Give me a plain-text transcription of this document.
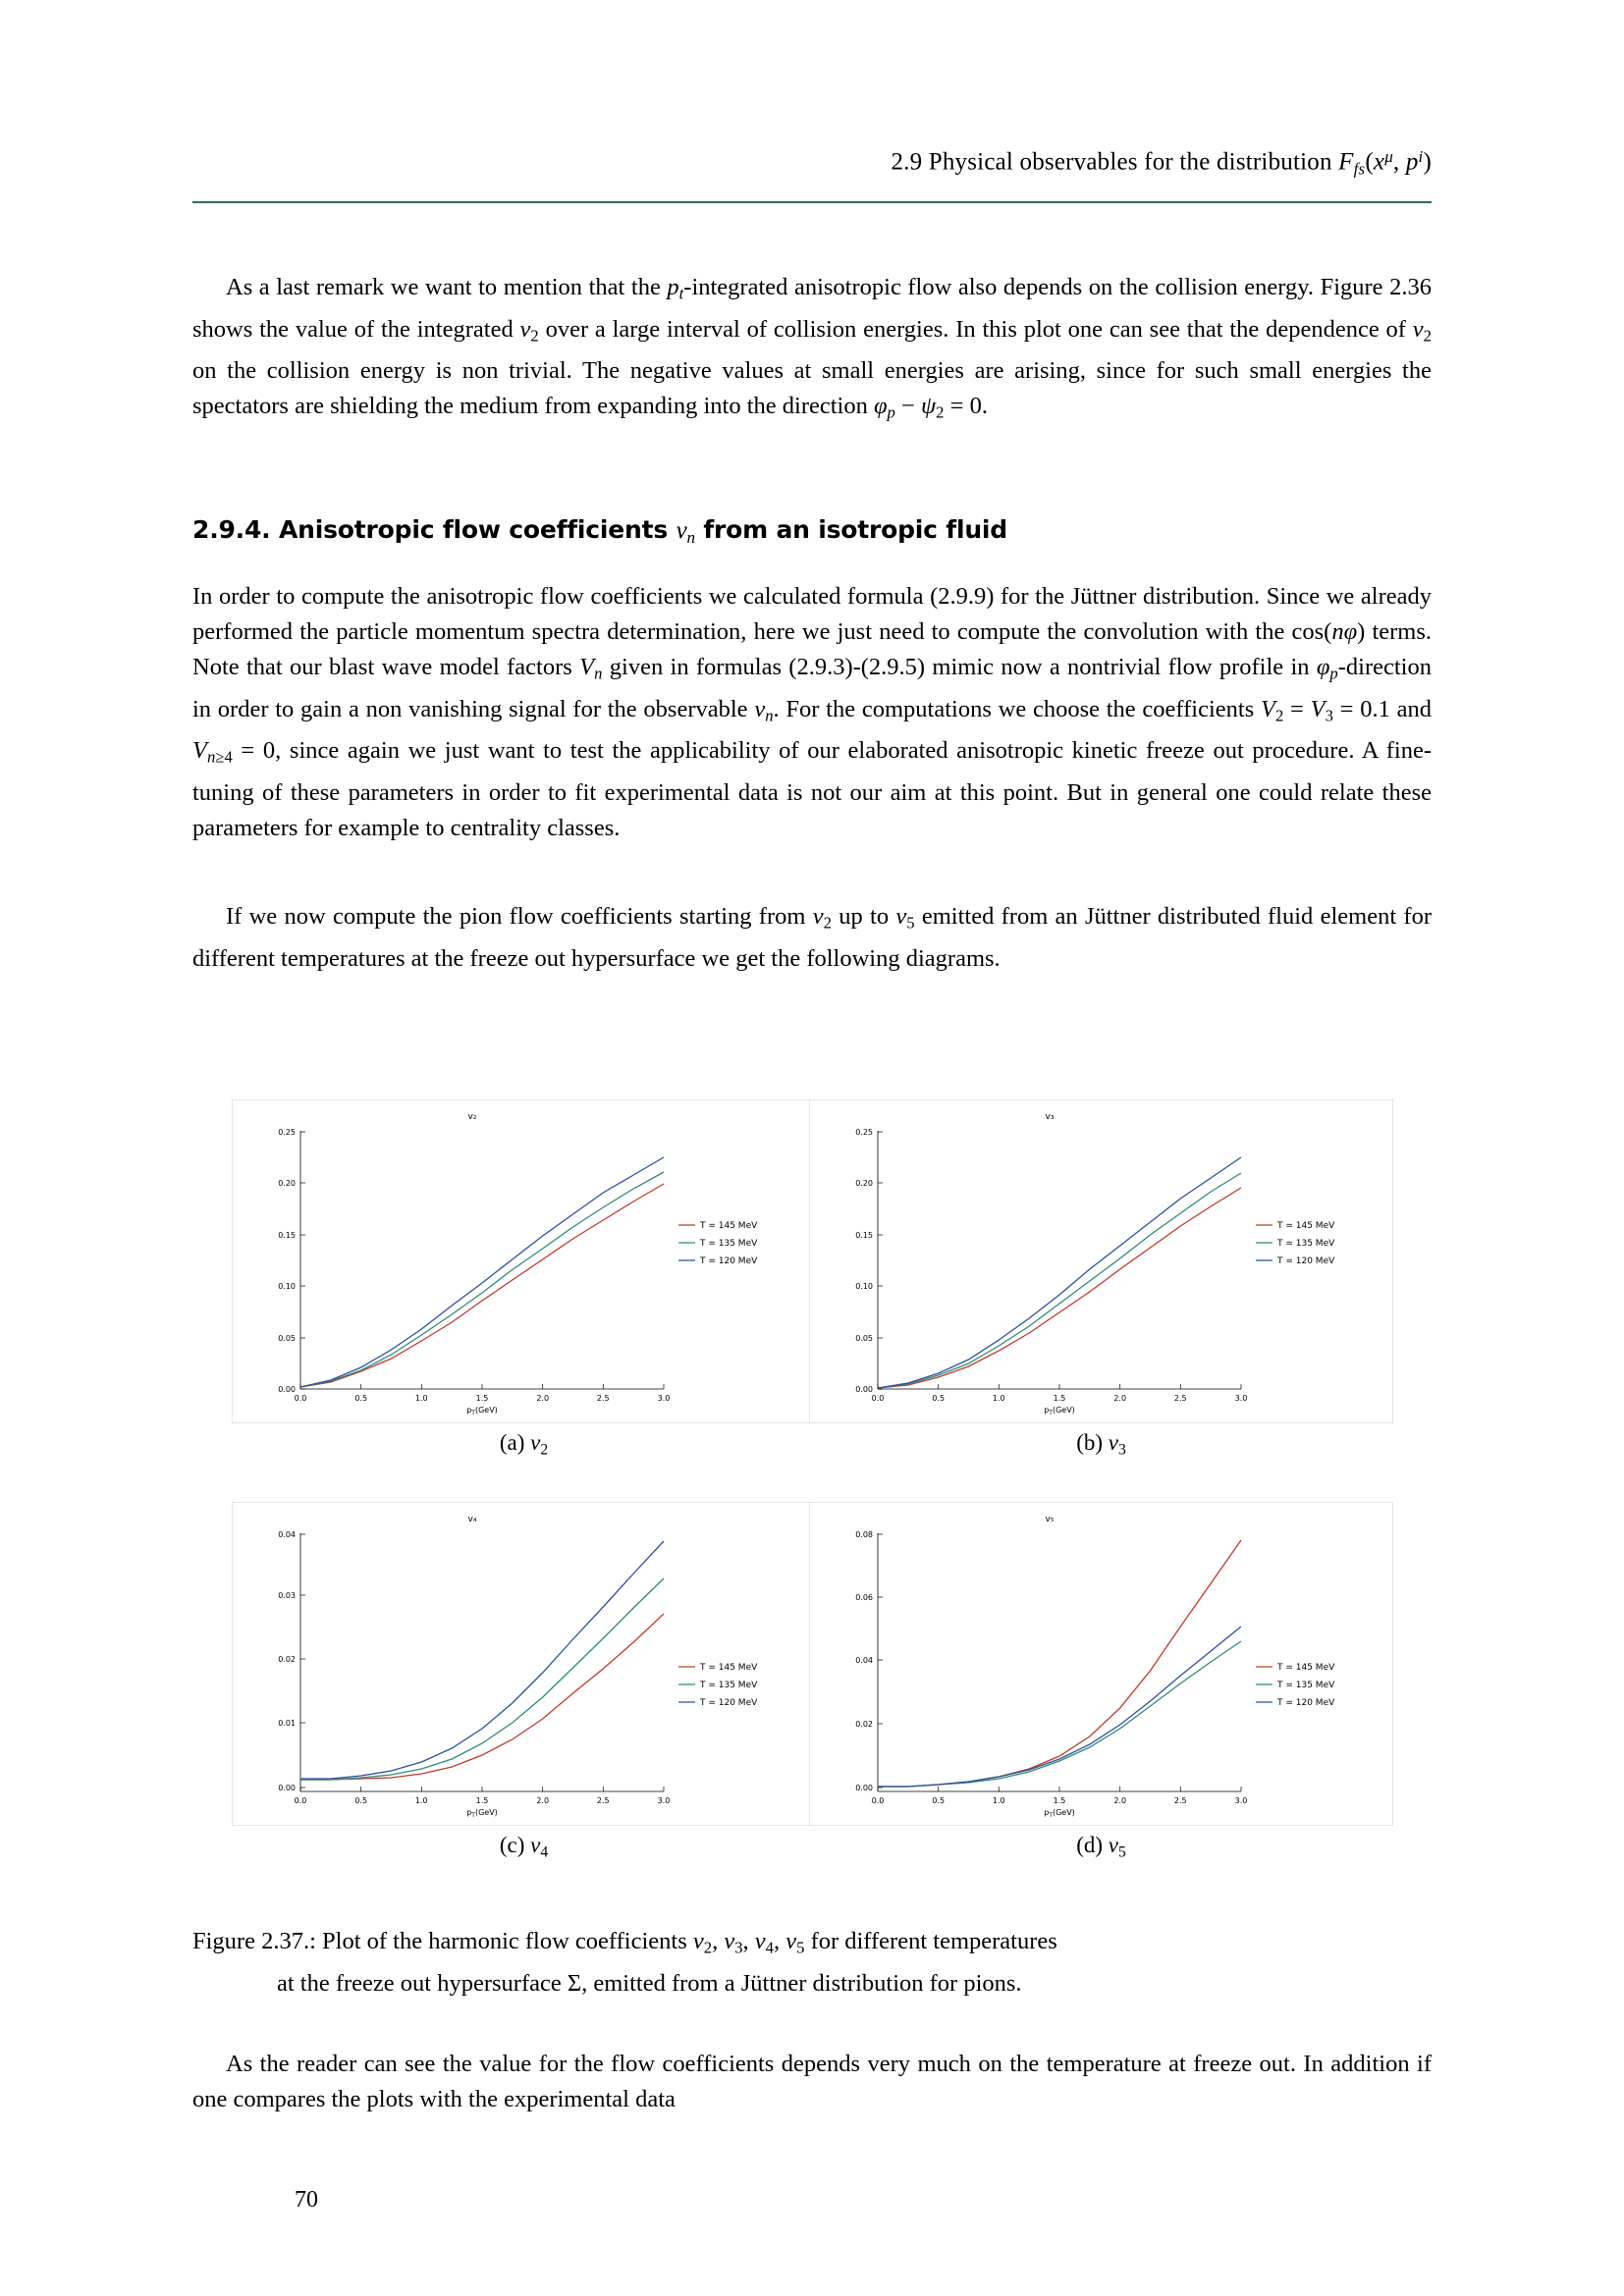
2.9 Physical observables for the distribution $F_{fs}(x^\mu$, $p^i$)
As a last remark we want to mention that the $p_t$-integrated anisotropic flow also depends on the collision energy. Figure 2.36 shows the value of the integrated $v_2$ over a large interval of collision energies. In this plot one can see that the dependence of $v_2$ on the collision energy is non trivial. The negative values at small energies are arising, since for such small energies the spectators are shielding the medium from expanding into the direction $\varphi_p - \psi_2 = 0$.
2.9.4. Anisotropic flow coefficients $v_n$ from an isotropic fluid
In order to compute the anisotropic flow coefficients we calculated formula (2.9.9) for the Jüttner distribution. Since we already performed the particle momentum spectra determination, here we just need to compute the convolution with the cos(nφ) terms. Note that our blast wave model factors $V_n$ given in formulas (2.9.3)-(2.9.5) mimic now a nontrivial flow profile in $\varphi_p$-direction in order to gain a non vanishing signal for the observable $v_n$. For the computations we choose the coefficients $V_2 = V_3 = 0.1$ and $V_{n\ge 4} = 0$, since again we just want to test the applicability of our elaborated anisotropic kinetic freeze out procedure. A fine-tuning of these parameters in order to fit experimental data is not our aim at this point. But in general one could relate these parameters for example to centrality classes.
If we now compute the pion flow coefficients starting from $v_2$ up to $v_5$ emitted from an Jüttner distributed fluid element for different temperatures at the freeze out hypersurface we get the following diagrams.
v₂
0.00
0.05
0.10
0.15
0.20
0.25
0.0	0.5	1.0	1.5	2.0	2.5	3.0
$p_T(GeV)$
T = 145 MeV
T = 135 MeV
T = 120 MeV
(a) $v_2$
v₃
0.00
0.05
0.10
0.15
0.20
0.25
0.0	0.5	1.0	1.5	2.0	2.5	3.0
$p_T(GeV)$
T = 145 MeV
T = 135 MeV
T = 120 MeV
(b) $v_3$
v₄
0.00
0.01
0.02
0.03
0.04
0.0	0.5	1.0	1.5	2.0	2.5	3.0
$p_T(GeV)$
T = 145 MeV
T = 135 MeV
T = 120 MeV
(c) $v_4$
v₅
0.00
0.02
0.04
0.06
0.08
0.0	0.5	1.0	1.5	2.0	2.5	3.0
$p_T(GeV)$
T = 145 MeV
T = 135 MeV
T = 120 MeV
(d) $v_5$
Figure 2.37.: Plot of the harmonic flow coefficients $v_2$, $v_3$, $v_4$, $v_5$ for different temperatures
at the freeze out hypersurface Σ, emitted from a Jüttner distribution for pions.
As the reader can see the value for the flow coefficients depends very much on the temperature at freeze out. In addition if one compares the plots with the experimental data
70
